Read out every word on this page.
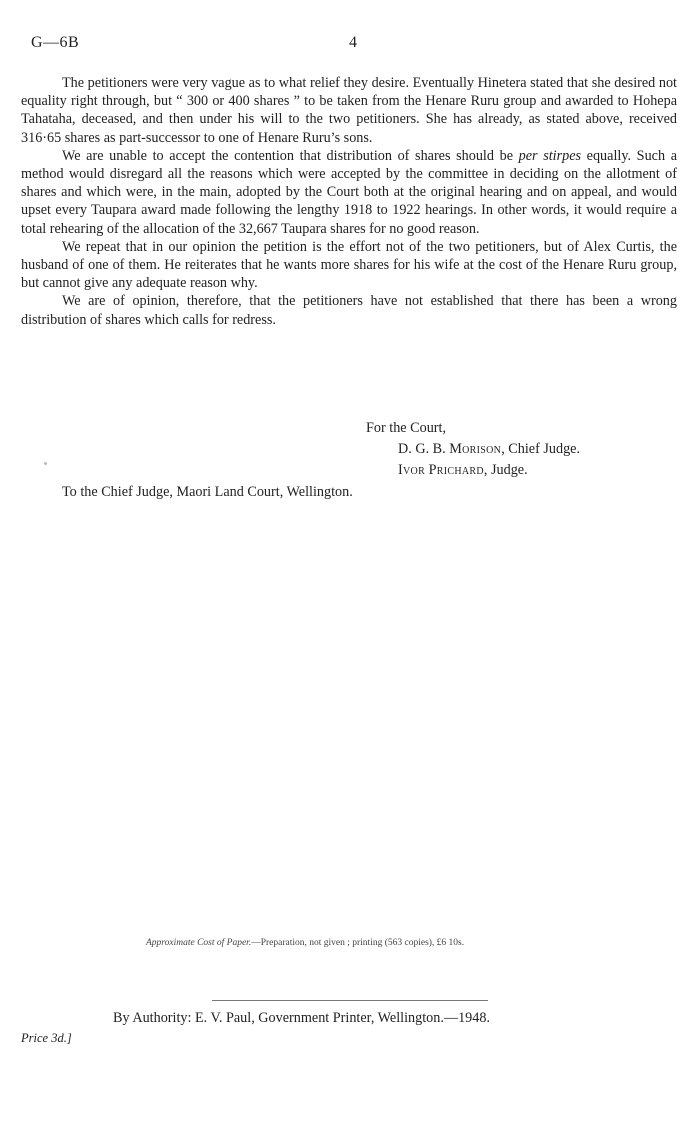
G—6B	4

The petitioners were very vague as to what relief they desire. Eventually Hinetera stated that she desired not equality right through, but “ 300 or 400 shares ” to be taken from the Henare Ruru group and awarded to Hohepa Tahataha, deceased, and then under his will to the two petitioners. She has already, as stated above, received 316·65 shares as part-successor to one of Henare Ruru’s sons.

We are unable to accept the contention that distribution of shares should be per stirpes equally. Such a method would disregard all the reasons which were accepted by the committee in deciding on the allotment of shares and which were, in the main, adopted by the Court both at the original hearing and on appeal, and would upset every Taupara award made following the lengthy 1918 to 1922 hearings. In other words, it would require a total rehearing of the allocation of the 32,667 Taupara shares for no good reason.

We repeat that in our opinion the petition is the effort not of the two petitioners, but of Alex Curtis, the husband of one of them. He reiterates that he wants more shares for his wife at the cost of the Henare Ruru group, but cannot give any adequate reason why.

We are of opinion, therefore, that the petitioners have not established that there has been a wrong distribution of shares which calls for redress.

For the Court,
D. G. B. Morison, Chief Judge.
Ivor Prichard, Judge.
To the Chief Judge, Maori Land Court, Wellington.
Approximate Cost of Paper.—Preparation, not given ; printing (563 copies), £6 10s.
By Authority: E. V. Paul, Government Printer, Wellington.—1948.
Price 3d.]
